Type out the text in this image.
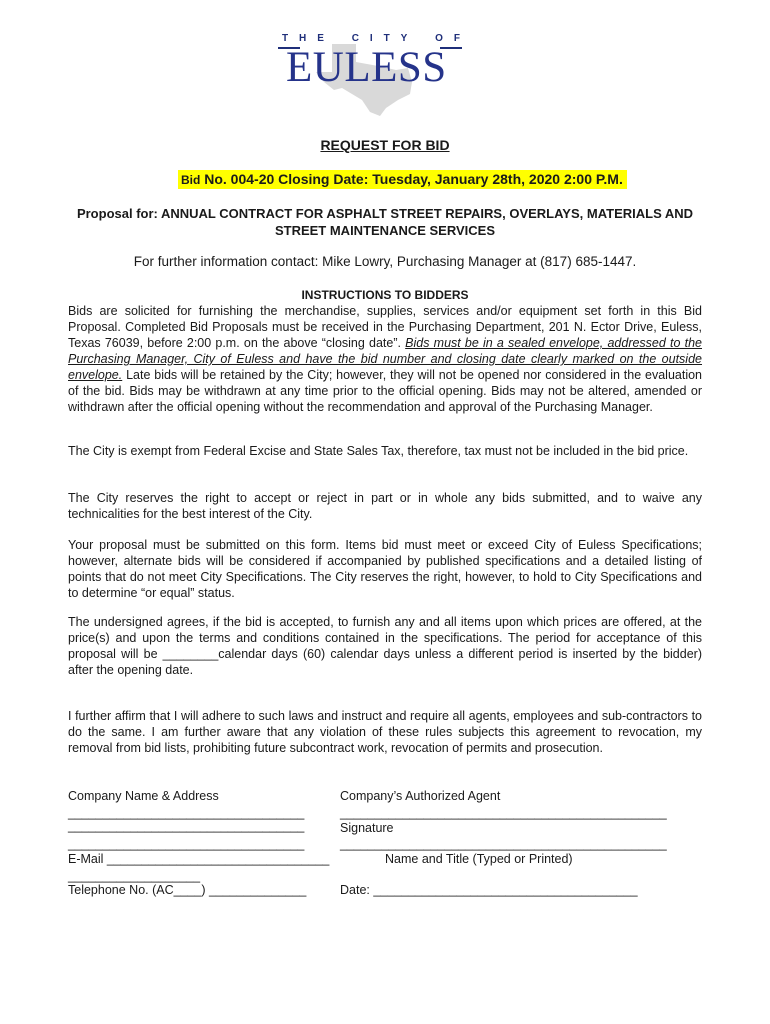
T H E	C I T Y	O F
EULESS
REQUEST FOR BID
Bid No. 004-20 Closing Date: Tuesday, January 28th, 2020 2:00 P.M.
Proposal for: ANNUAL CONTRACT FOR ASPHALT STREET REPAIRS, OVERLAYS, MATERIALS AND STREET MAINTENANCE SERVICES
For further information contact: Mike Lowry, Purchasing Manager at (817) 685-1447.
INSTRUCTIONS TO BIDDERS
Bids are solicited for furnishing the merchandise, supplies, services and/or equipment set forth in this Bid Proposal. Completed Bid Proposals must be received in the Purchasing Department, 201 N. Ector Drive, Euless, Texas 76039, before 2:00 p.m. on the above “closing date”. Bids must be in a sealed envelope, addressed to the Purchasing Manager, City of Euless and have the bid number and closing date clearly marked on the outside envelope. Late bids will be retained by the City; however, they will not be opened nor considered in the evaluation of the bid. Bids may be withdrawn at any time prior to the official opening. Bids may not be altered, amended or withdrawn after the official opening without the recommendation and approval of the Purchasing Manager.
The City is exempt from Federal Excise and State Sales Tax, therefore, tax must not be included in the bid price.
The City reserves the right to accept or reject in part or in whole any bids submitted, and to waive any technicalities for the best interest of the City.
Your proposal must be submitted on this form. Items bid must meet or exceed City of Euless Specifications; however, alternate bids will be considered if accompanied by published specifications and a detailed listing of points that do not meet City Specifications. The City reserves the right, however, to hold to City Specifications and to determine “or equal” status.
The undersigned agrees, if the bid is accepted, to furnish any and all items upon which prices are offered, at the price(s) and upon the terms and conditions contained in the specifications. The period for acceptance of this proposal will be ________calendar days (60) calendar days unless a different period is inserted by the bidder) after the opening date.
I further affirm that I will adhere to such laws and instruct and require all agents, employees and sub-contractors to do the same. I am further aware that any violation of these rules subjects this agreement to revocation, my removal from bid lists, prohibiting future subcontract work, revocation of permits and prosecution.
Company Name & Address	Company’s Authorized Agent
__________________________________	_______________________________________________
__________________________________	Signature
__________________________________	_______________________________________________
E-Mail ________________________________	Name and Title (Typed or Printed)
___________________
Telephone No. (AC____) ______________	Date: ______________________________________
